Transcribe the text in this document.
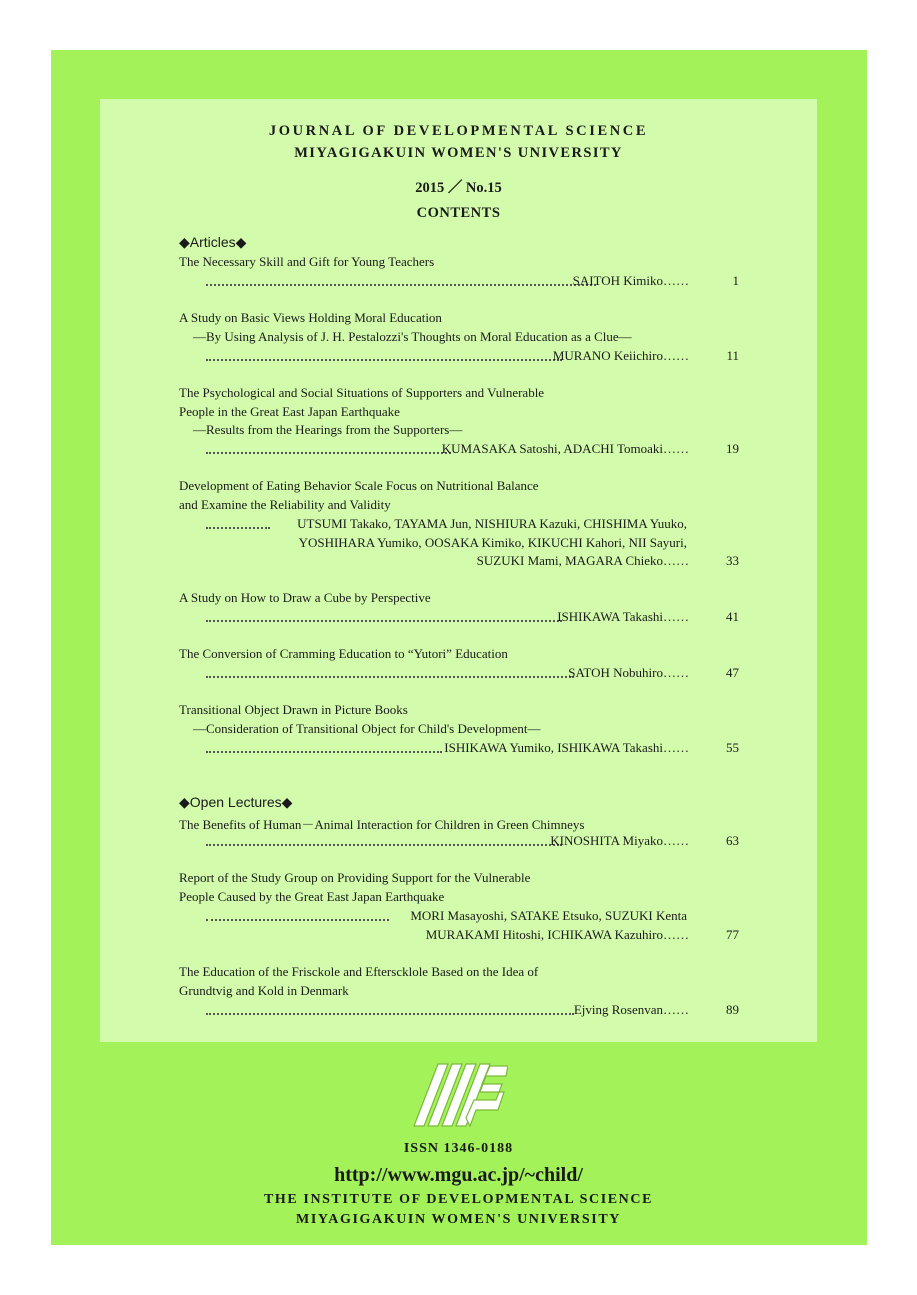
JOURNAL OF DEVELOPMENTAL SCIENCE
MIYAGIGAKUIN WOMEN'S UNIVERSITY
2015 ／ No.15
CONTENTS
◆Articles◆
The Necessary Skill and Gift for Young Teachers
SAITOH Kimiko……	1
A Study on Basic Views Holding Moral Education
—By Using Analysis of J. H. Pestalozzi's Thoughts on Moral Education as a Clue—
MURANO Keiichiro……	11
The Psychological and Social Situations of Supporters and Vulnerable
People in the Great East Japan Earthquake
—Results from the Hearings from the Supporters—
KUMASAKA Satoshi, ADACHI Tomoaki……	19
Development of Eating Behavior Scale Focus on Nutritional Balance
and Examine the Reliability and Validity
UTSUMI Takako, TAYAMA Jun, NISHIURA Kazuki, CHISHIMA Yuuko,
YOSHIHARA Yumiko, OOSAKA Kimiko, KIKUCHI Kahori, NII Sayuri,
SUZUKI Mami, MAGARA Chieko……	33
A Study on How to Draw a Cube by Perspective
ISHIKAWA Takashi……	41
The Conversion of Cramming Education to “Yutori” Education
SATOH Nobuhiro……	47
Transitional Object Drawn in Picture Books
—Consideration of Transitional Object for Child's Development—
ISHIKAWA Yumiko, ISHIKAWA Takashi……	55
◆Open Lectures◆
The Benefits of Human－Animal Interaction for Children in Green Chimneys
KINOSHITA Miyako……	63
Report of the Study Group on Providing Support for the Vulnerable
People Caused by the Great East Japan Earthquake
MORI Masayoshi, SATAKE Etsuko, SUZUKI Kenta
MURAKAMI Hitoshi, ICHIKAWA Kazuhiro……	77
The Education of the Frisckole and Efterscklole Based on the Idea of
Grundtvig and Kold in Denmark
Ejving Rosenvan……	89
ISSN 1346-0188
http://www.mgu.ac.jp/~child/
THE INSTITUTE OF DEVELOPMENTAL SCIENCE
MIYAGIGAKUIN WOMEN'S UNIVERSITY
